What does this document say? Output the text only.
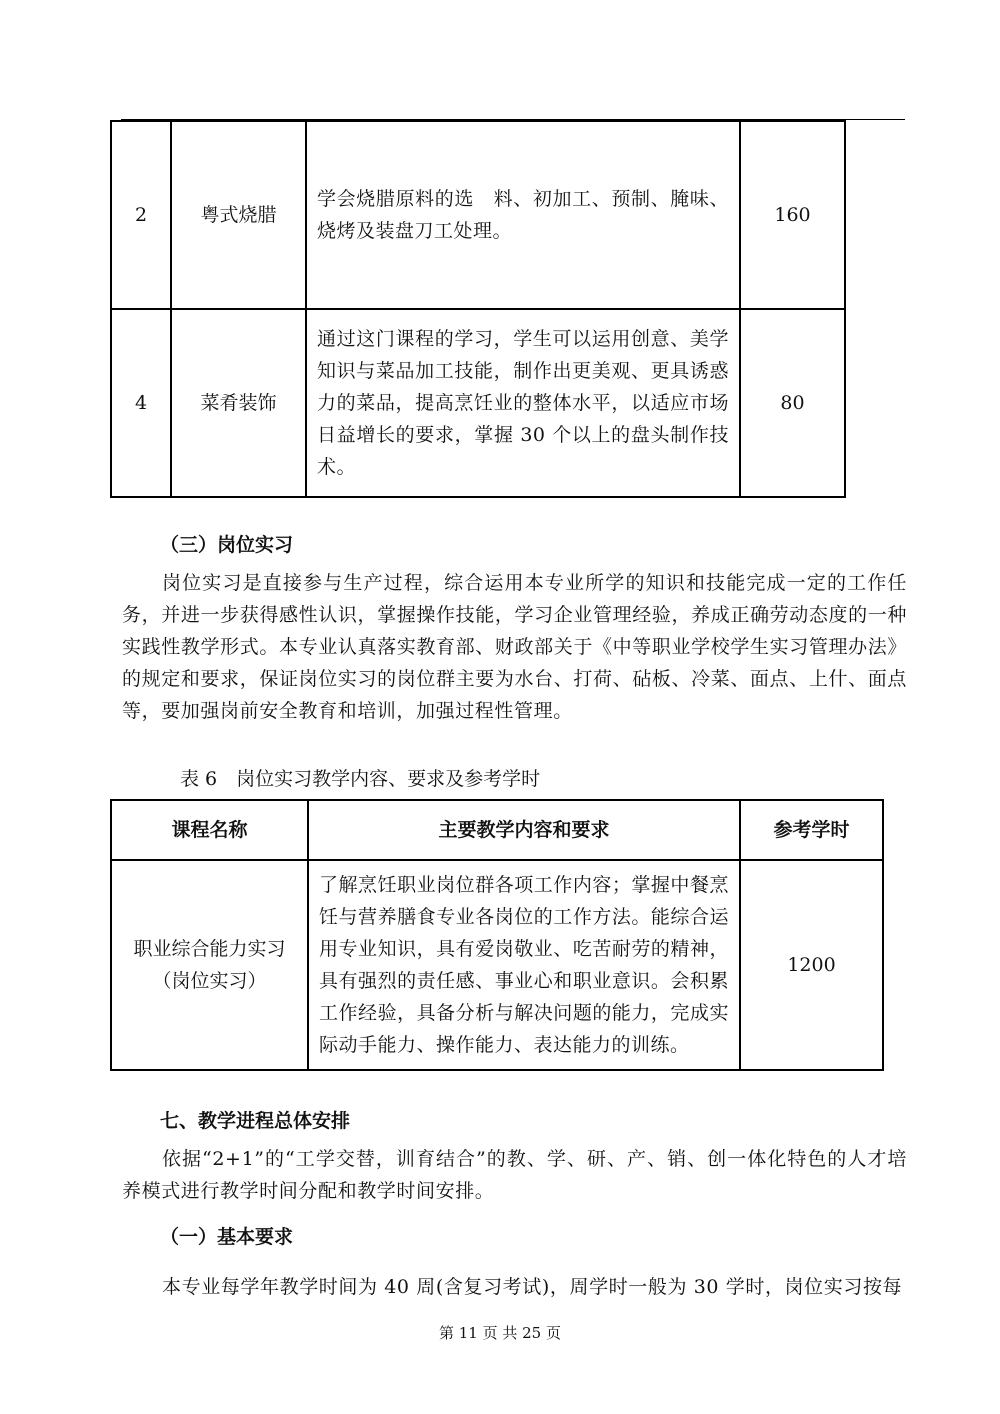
2	粤式烧腊	学会烧腊原料的选　料、初加工、预制、腌味、烧烤及装盘刀工处理。	160
4	菜肴装饰	通过这门课程的学习，学生可以运用创意、美学知识与菜品加工技能，制作出更美观、更具诱惑力的菜品，提高烹饪业的整体水平，以适应市场日益增长的要求，掌握 30 个以上的盘头制作技术。	80
（三）岗位实习

岗位实习是直接参与生产过程，综合运用本专业所学的知识和技能完成一定的工作任务，并进一步获得感性认识，掌握操作技能，学习企业管理经验，养成正确劳动态度的一种实践性教学形式。本专业认真落实教育部、财政部关于《中等职业学校学生实习管理办法》的规定和要求，保证岗位实习的岗位群主要为水台、打荷、砧板、冷菜、面点、上什、面点等，要加强岗前安全教育和培训，加强过程性管理。

表 6　岗位实习教学内容、要求及参考学时
课程名称	主要教学内容和要求	参考学时

职业综合能力实习
（岗位实习）	了解烹饪职业岗位群各项工作内容；掌握中餐烹饪与营养膳食专业各岗位的工作方法。能综合运用专业知识，具有爱岗敬业、吃苦耐劳的精神，具有强烈的责任感、事业心和职业意识。会积累工作经验，具备分析与解决问题的能力，完成实际动手能力、操作能力、表达能力的训练。	1200
七、教学进程总体安排

依据“2+1”的“工学交替，训育结合”的教、学、研、产、销、创一体化特色的人才培养模式进行教学时间分配和教学时间安排。

（一）基本要求

本专业每学年教学时间为 40 周(含复习考试)，周学时一般为 30 学时，岗位实习按每

第 11 页 共 25 页
